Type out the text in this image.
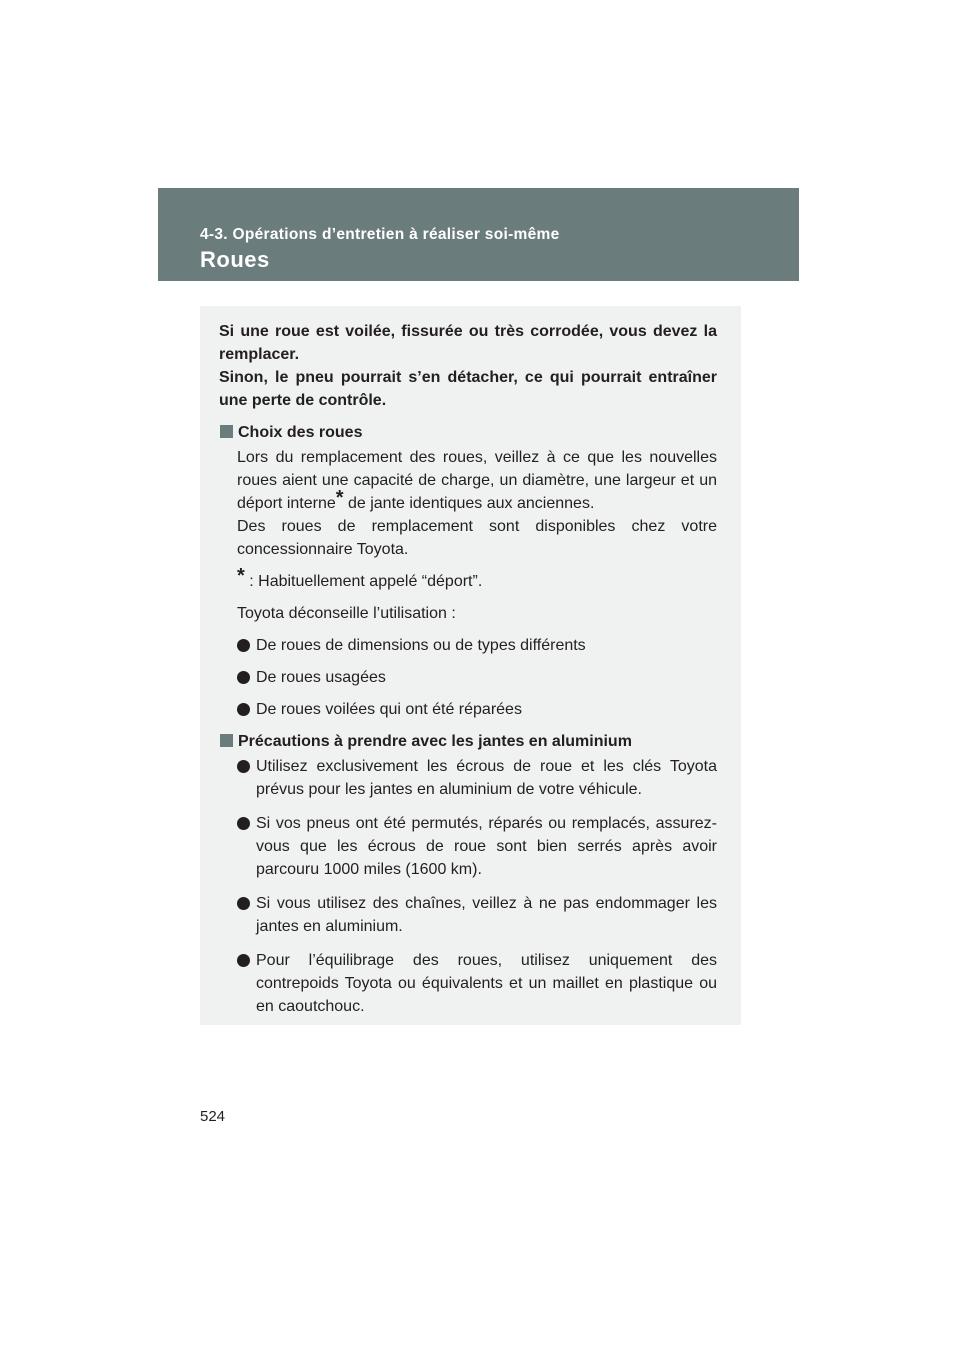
4-3. Opérations d’entretien à réaliser soi-même
Roues
Si une roue est voilée, fissurée ou très corrodée, vous devez la remplacer.
Sinon, le pneu pourrait s’en détacher, ce qui pourrait entraîner une perte de contrôle.
Choix des roues
Lors du remplacement des roues, veillez à ce que les nouvelles roues aient une capacité de charge, un diamètre, une largeur et un déport interne* de jante identiques aux anciennes.
Des roues de remplacement sont disponibles chez votre concessionnaire Toyota.
* : Habituellement appelé “déport”.
Toyota déconseille l’utilisation :
De roues de dimensions ou de types différents
De roues usagées
De roues voilées qui ont été réparées
Précautions à prendre avec les jantes en aluminium
Utilisez exclusivement les écrous de roue et les clés Toyota prévus pour les jantes en aluminium de votre véhicule.
Si vos pneus ont été permutés, réparés ou remplacés, assurez-vous que les écrous de roue sont bien serrés après avoir parcouru 1000 miles (1600 km).
Si vous utilisez des chaînes, veillez à ne pas endommager les jantes en aluminium.
Pour l’équilibrage des roues, utilisez uniquement des contrepoids Toyota ou équivalents et un maillet en plastique ou en caoutchouc.
524
